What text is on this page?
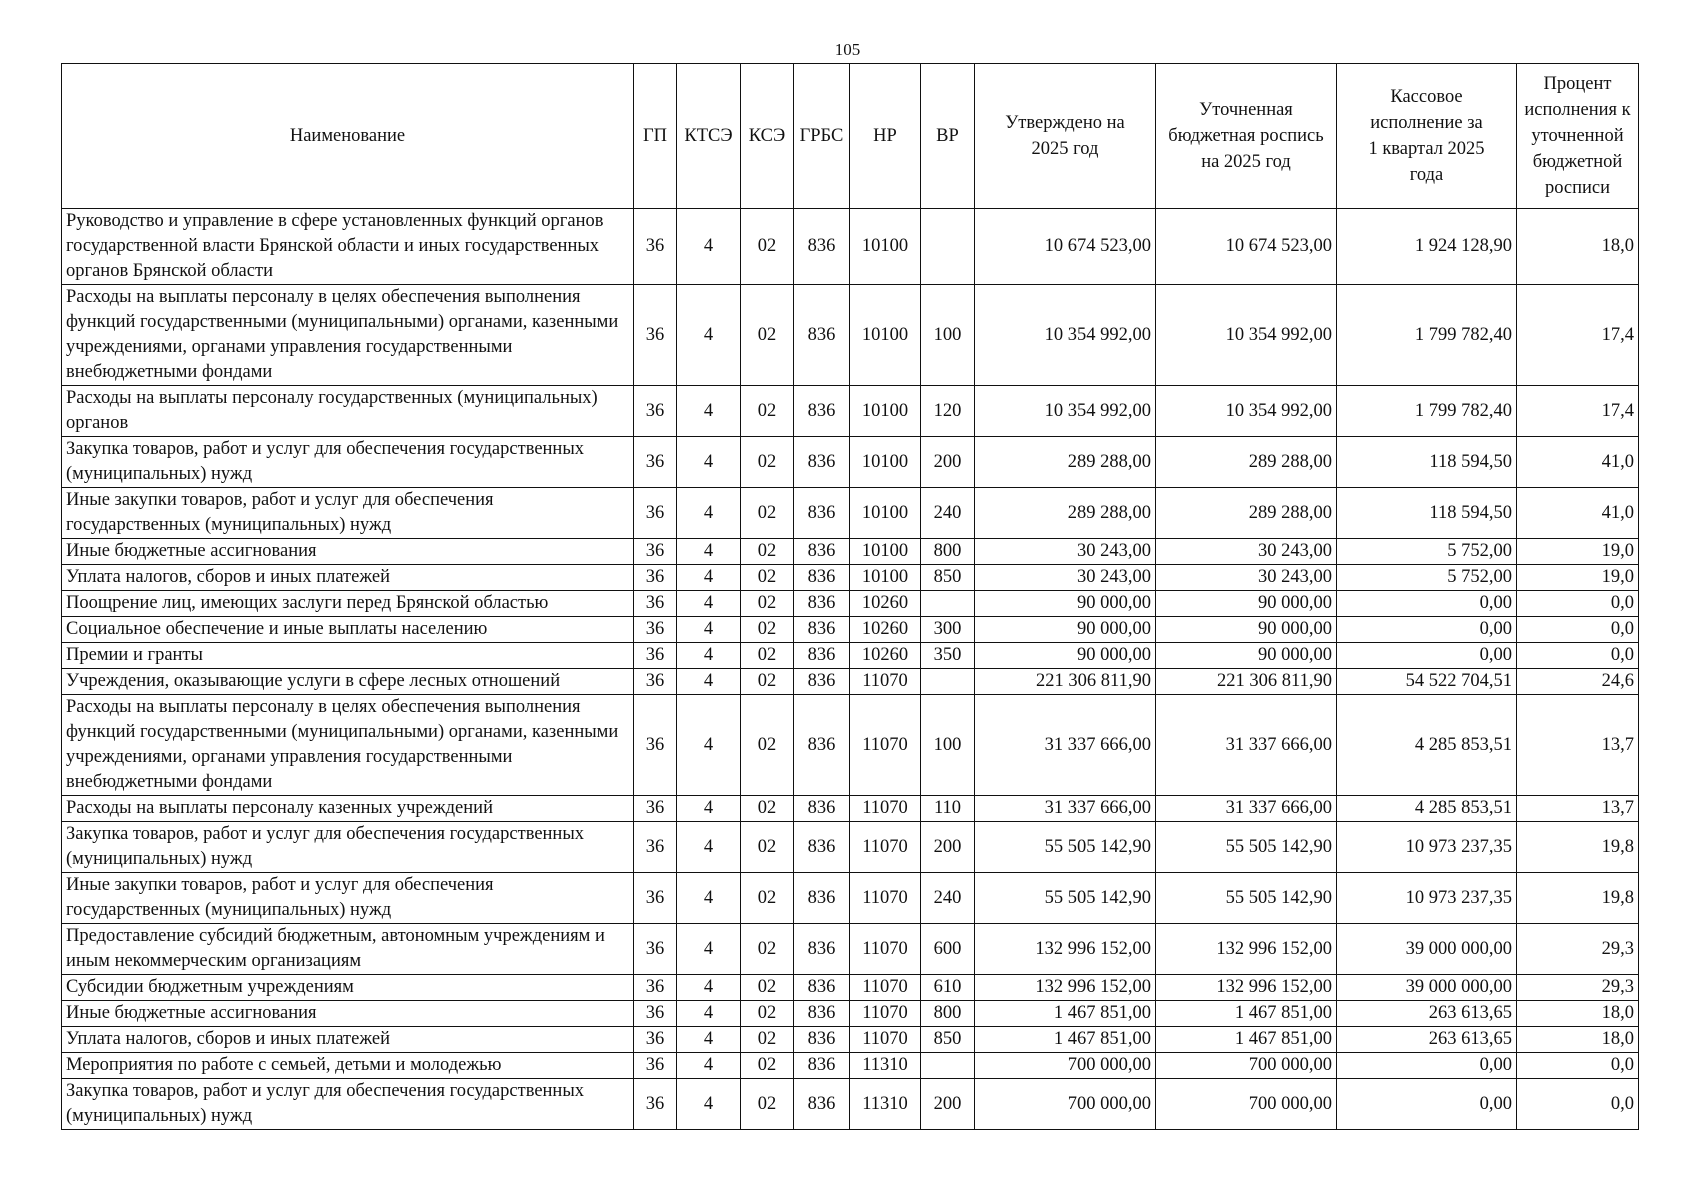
105
Наименование	ГП	КТСЭ	КСЭ	ГРБС	НР	ВР	Утверждено на 2025 год	Уточненная бюджетная роспись на 2025 год	Кассовое исполнение за 1 квартал 2025 года	Процент исполнения к уточненной бюджетной росписи
Руководство и управление в сфере установленных функций органов государственной власти Брянской области и иных государственных органов Брянской области	36	4	02	836	10100		10 674 523,00	10 674 523,00	1 924 128,90	18,0
Расходы на выплаты персоналу в целях обеспечения выполнения функций государственными (муниципальными) органами, казенными учреждениями, органами управления государственными внебюджетными фондами	36	4	02	836	10100	100	10 354 992,00	10 354 992,00	1 799 782,40	17,4
Расходы на выплаты персоналу государственных (муниципальных) органов	36	4	02	836	10100	120	10 354 992,00	10 354 992,00	1 799 782,40	17,4
Закупка товаров, работ и услуг для обеспечения государственных (муниципальных) нужд	36	4	02	836	10100	200	289 288,00	289 288,00	118 594,50	41,0
Иные закупки товаров, работ и услуг для обеспечения государственных (муниципальных) нужд	36	4	02	836	10100	240	289 288,00	289 288,00	118 594,50	41,0
Иные бюджетные ассигнования	36	4	02	836	10100	800	30 243,00	30 243,00	5 752,00	19,0
Уплата налогов, сборов и иных платежей	36	4	02	836	10100	850	30 243,00	30 243,00	5 752,00	19,0
Поощрение лиц, имеющих заслуги перед Брянской областью	36	4	02	836	10260		90 000,00	90 000,00	0,00	0,0
Социальное обеспечение и иные выплаты населению	36	4	02	836	10260	300	90 000,00	90 000,00	0,00	0,0
Премии и гранты	36	4	02	836	10260	350	90 000,00	90 000,00	0,00	0,0
Учреждения, оказывающие услуги в сфере лесных отношений	36	4	02	836	11070		221 306 811,90	221 306 811,90	54 522 704,51	24,6
Расходы на выплаты персоналу в целях обеспечения выполнения функций государственными (муниципальными) органами, казенными учреждениями, органами управления государственными внебюджетными фондами	36	4	02	836	11070	100	31 337 666,00	31 337 666,00	4 285 853,51	13,7
Расходы на выплаты персоналу казенных учреждений	36	4	02	836	11070	110	31 337 666,00	31 337 666,00	4 285 853,51	13,7
Закупка товаров, работ и услуг для обеспечения государственных (муниципальных) нужд	36	4	02	836	11070	200	55 505 142,90	55 505 142,90	10 973 237,35	19,8
Иные закупки товаров, работ и услуг для обеспечения государственных (муниципальных) нужд	36	4	02	836	11070	240	55 505 142,90	55 505 142,90	10 973 237,35	19,8
Предоставление субсидий бюджетным, автономным учреждениям и иным некоммерческим организациям	36	4	02	836	11070	600	132 996 152,00	132 996 152,00	39 000 000,00	29,3
Субсидии бюджетным учреждениям	36	4	02	836	11070	610	132 996 152,00	132 996 152,00	39 000 000,00	29,3
Иные бюджетные ассигнования	36	4	02	836	11070	800	1 467 851,00	1 467 851,00	263 613,65	18,0
Уплата налогов, сборов и иных платежей	36	4	02	836	11070	850	1 467 851,00	1 467 851,00	263 613,65	18,0
Мероприятия по работе с семьей, детьми и молодежью	36	4	02	836	11310		700 000,00	700 000,00	0,00	0,0
Закупка товаров, работ и услуг для обеспечения государственных (муниципальных) нужд	36	4	02	836	11310	200	700 000,00	700 000,00	0,00	0,0
